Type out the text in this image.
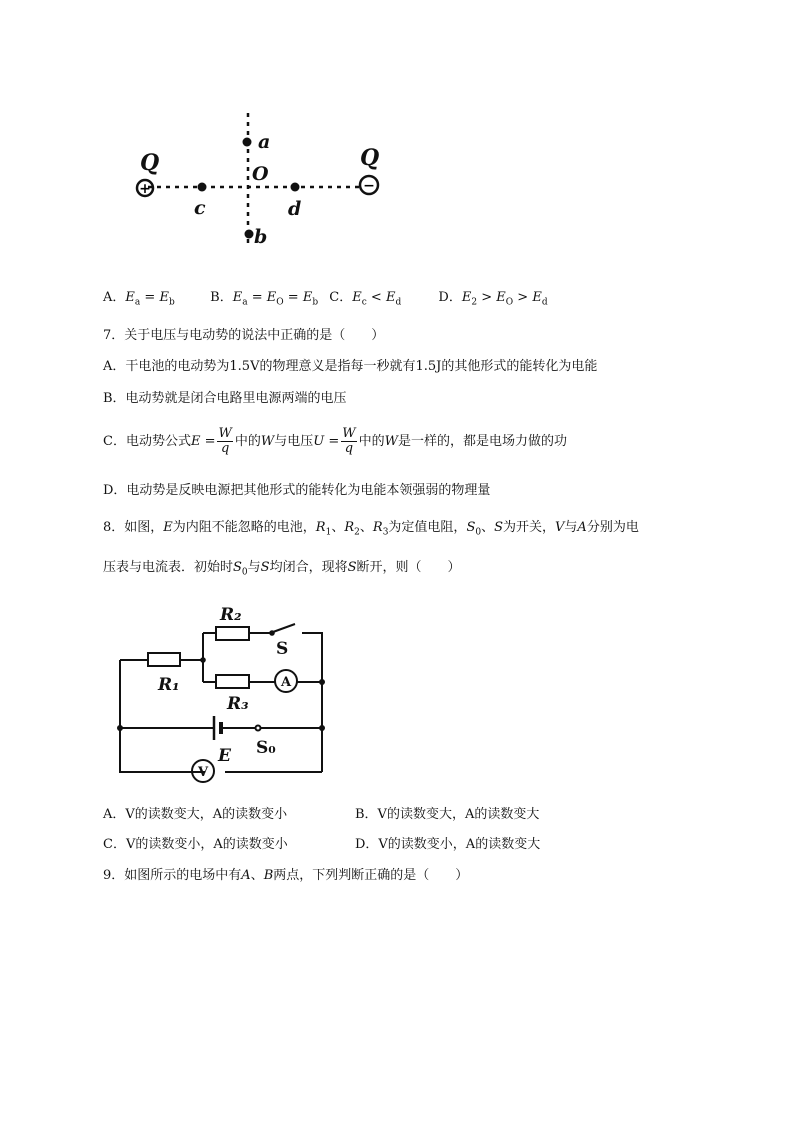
+	−
Q	Q
a
O
c	d
b
A．$E_a = E_b$	B．$E_a = E_O = E_b$ C．$E_c < E_d$	D．$E_2 > E_O > E_d$
7．关于电压与电动势的说法中正确的是（　　）
A．干电池的电动势为1.5V的物理意义是指每一秒就有1.5J的其他形式的能转化为电能
B．电动势就是闭合电路里电源两端的电压
C．电动势公式$E = \frac{W}{q}$ 中的W与电压$U = \frac{W}{q}$ 中的W是一样的，都是电场力做的功
D．电动势是反映电源把其他形式的能转化为电能本领强弱的物理量
8．如图，E为内阻不能忽略的电池，$R_1$、$R_2$、$R_3$为定值电阻，$S_0$、S为开关，V与A分别为电
压表与电流表．初始时$S_0$与S均闭合，现将S断开，则（　　）
R₂
R₁
R₃
S
S₀
E
A
V
A．V的读数变大，A的读数变小	B．V的读数变大，A的读数变大
C．V的读数变小，A的读数变小	D．V的读数变小，A的读数变大
9．如图所示的电场中有A、B两点，下列判断正确的是（　　）
